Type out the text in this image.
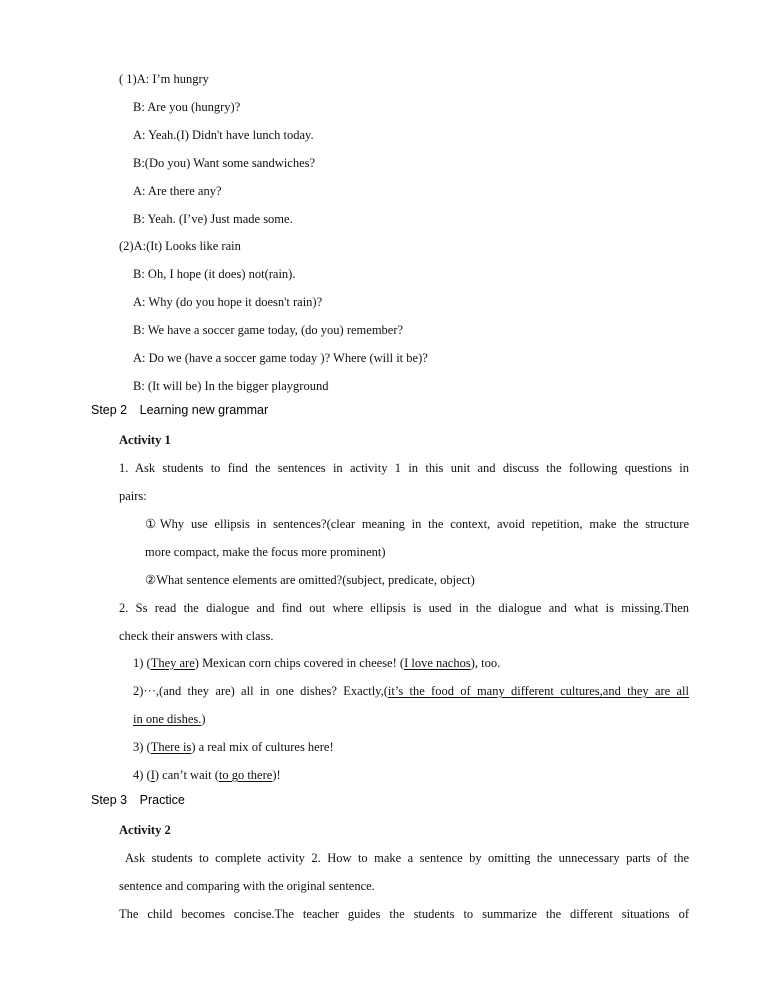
( 1)A: I’m hungry
B: Are you (hungry)?
A: Yeah.(I) Didn't have lunch today.
B:(Do you) Want some sandwiches?
A: Are there any?
B: Yeah. (I’ve) Just made some.
(2)A:(It) Looks like rain
B: Oh, I hope (it does) not(rain).
A: Why (do you hope it doesn't rain)?
B: We have a soccer game today, (do you) remember?
A: Do we (have a soccer game today )? Where (will it be)?
B: (It will be) In the bigger playground
Step 2　Learning new grammar
Activity 1
1. Ask students to find the sentences in activity 1 in this unit and discuss the following questions in
pairs:
①Why use ellipsis in sentences?(clear meaning in the context, avoid repetition, make the structure
more compact, make the focus more prominent)
②What sentence elements are omitted?(subject, predicate, object)
2. Ss read the dialogue and find out where ellipsis is used in the dialogue and what is missing.Then
check their answers with class.
1) (They are) Mexican corn chips covered in cheese! (I love nachos), too.
2)···,(and they are) all in one dishes? Exactly,(it’s the food of many different cultures,and they are all
in one dishes.)
3) (There is) a real mix of cultures here!
4) (I) can’t wait (to go there)!
Step 3　Practice
Activity 2
Ask students to complete activity 2. How to make a sentence by omitting the unnecessary parts of the
sentence and comparing with the original sentence.
The child becomes concise.The teacher guides the students to summarize the different situations of
